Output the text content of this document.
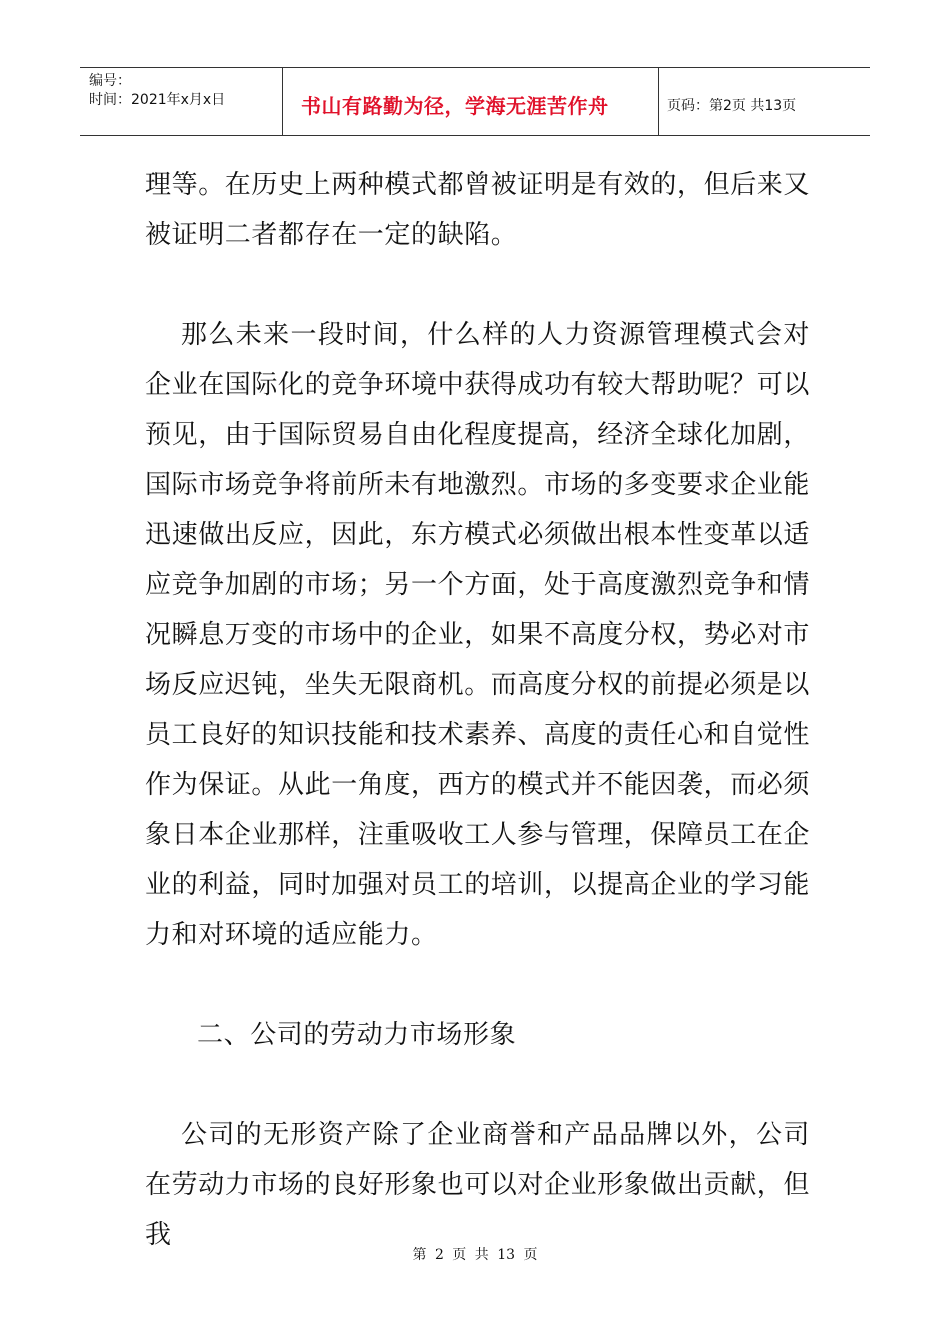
编号：
时间：2021年x月x日	书山有路勤为径，学海无涯苦作舟	页码：第2页 共13页

理等。在历史上两种模式都曾被证明是有效的，但后来又被证明二者都存在一定的缺陷。

那么未来一段时间，什么样的人力资源管理模式会对企业在国际化的竞争环境中获得成功有较大帮助呢？可以预见，由于国际贸易自由化程度提高，经济全球化加剧，国际市场竞争将前所未有地激烈。市场的多变要求企业能迅速做出反应，因此，东方模式必须做出根本性变革以适应竞争加剧的市场；另一个方面，处于高度激烈竞争和情况瞬息万变的市场中的企业，如果不高度分权，势必对市场反应迟钝，坐失无限商机。而高度分权的前提必须是以员工良好的知识技能和技术素养、高度的责任心和自觉性作为保证。从此一角度，西方的模式并不能因袭，而必须象日本企业那样，注重吸收工人参与管理，保障员工在企业的利益，同时加强对员工的培训，以提高企业的学习能力和对环境的适应能力。

二、公司的劳动力市场形象

公司的无形资产除了企业商誉和产品品牌以外，公司在劳动力市场的良好形象也可以对企业形象做出贡献，但我

第 2 页 共 13 页
